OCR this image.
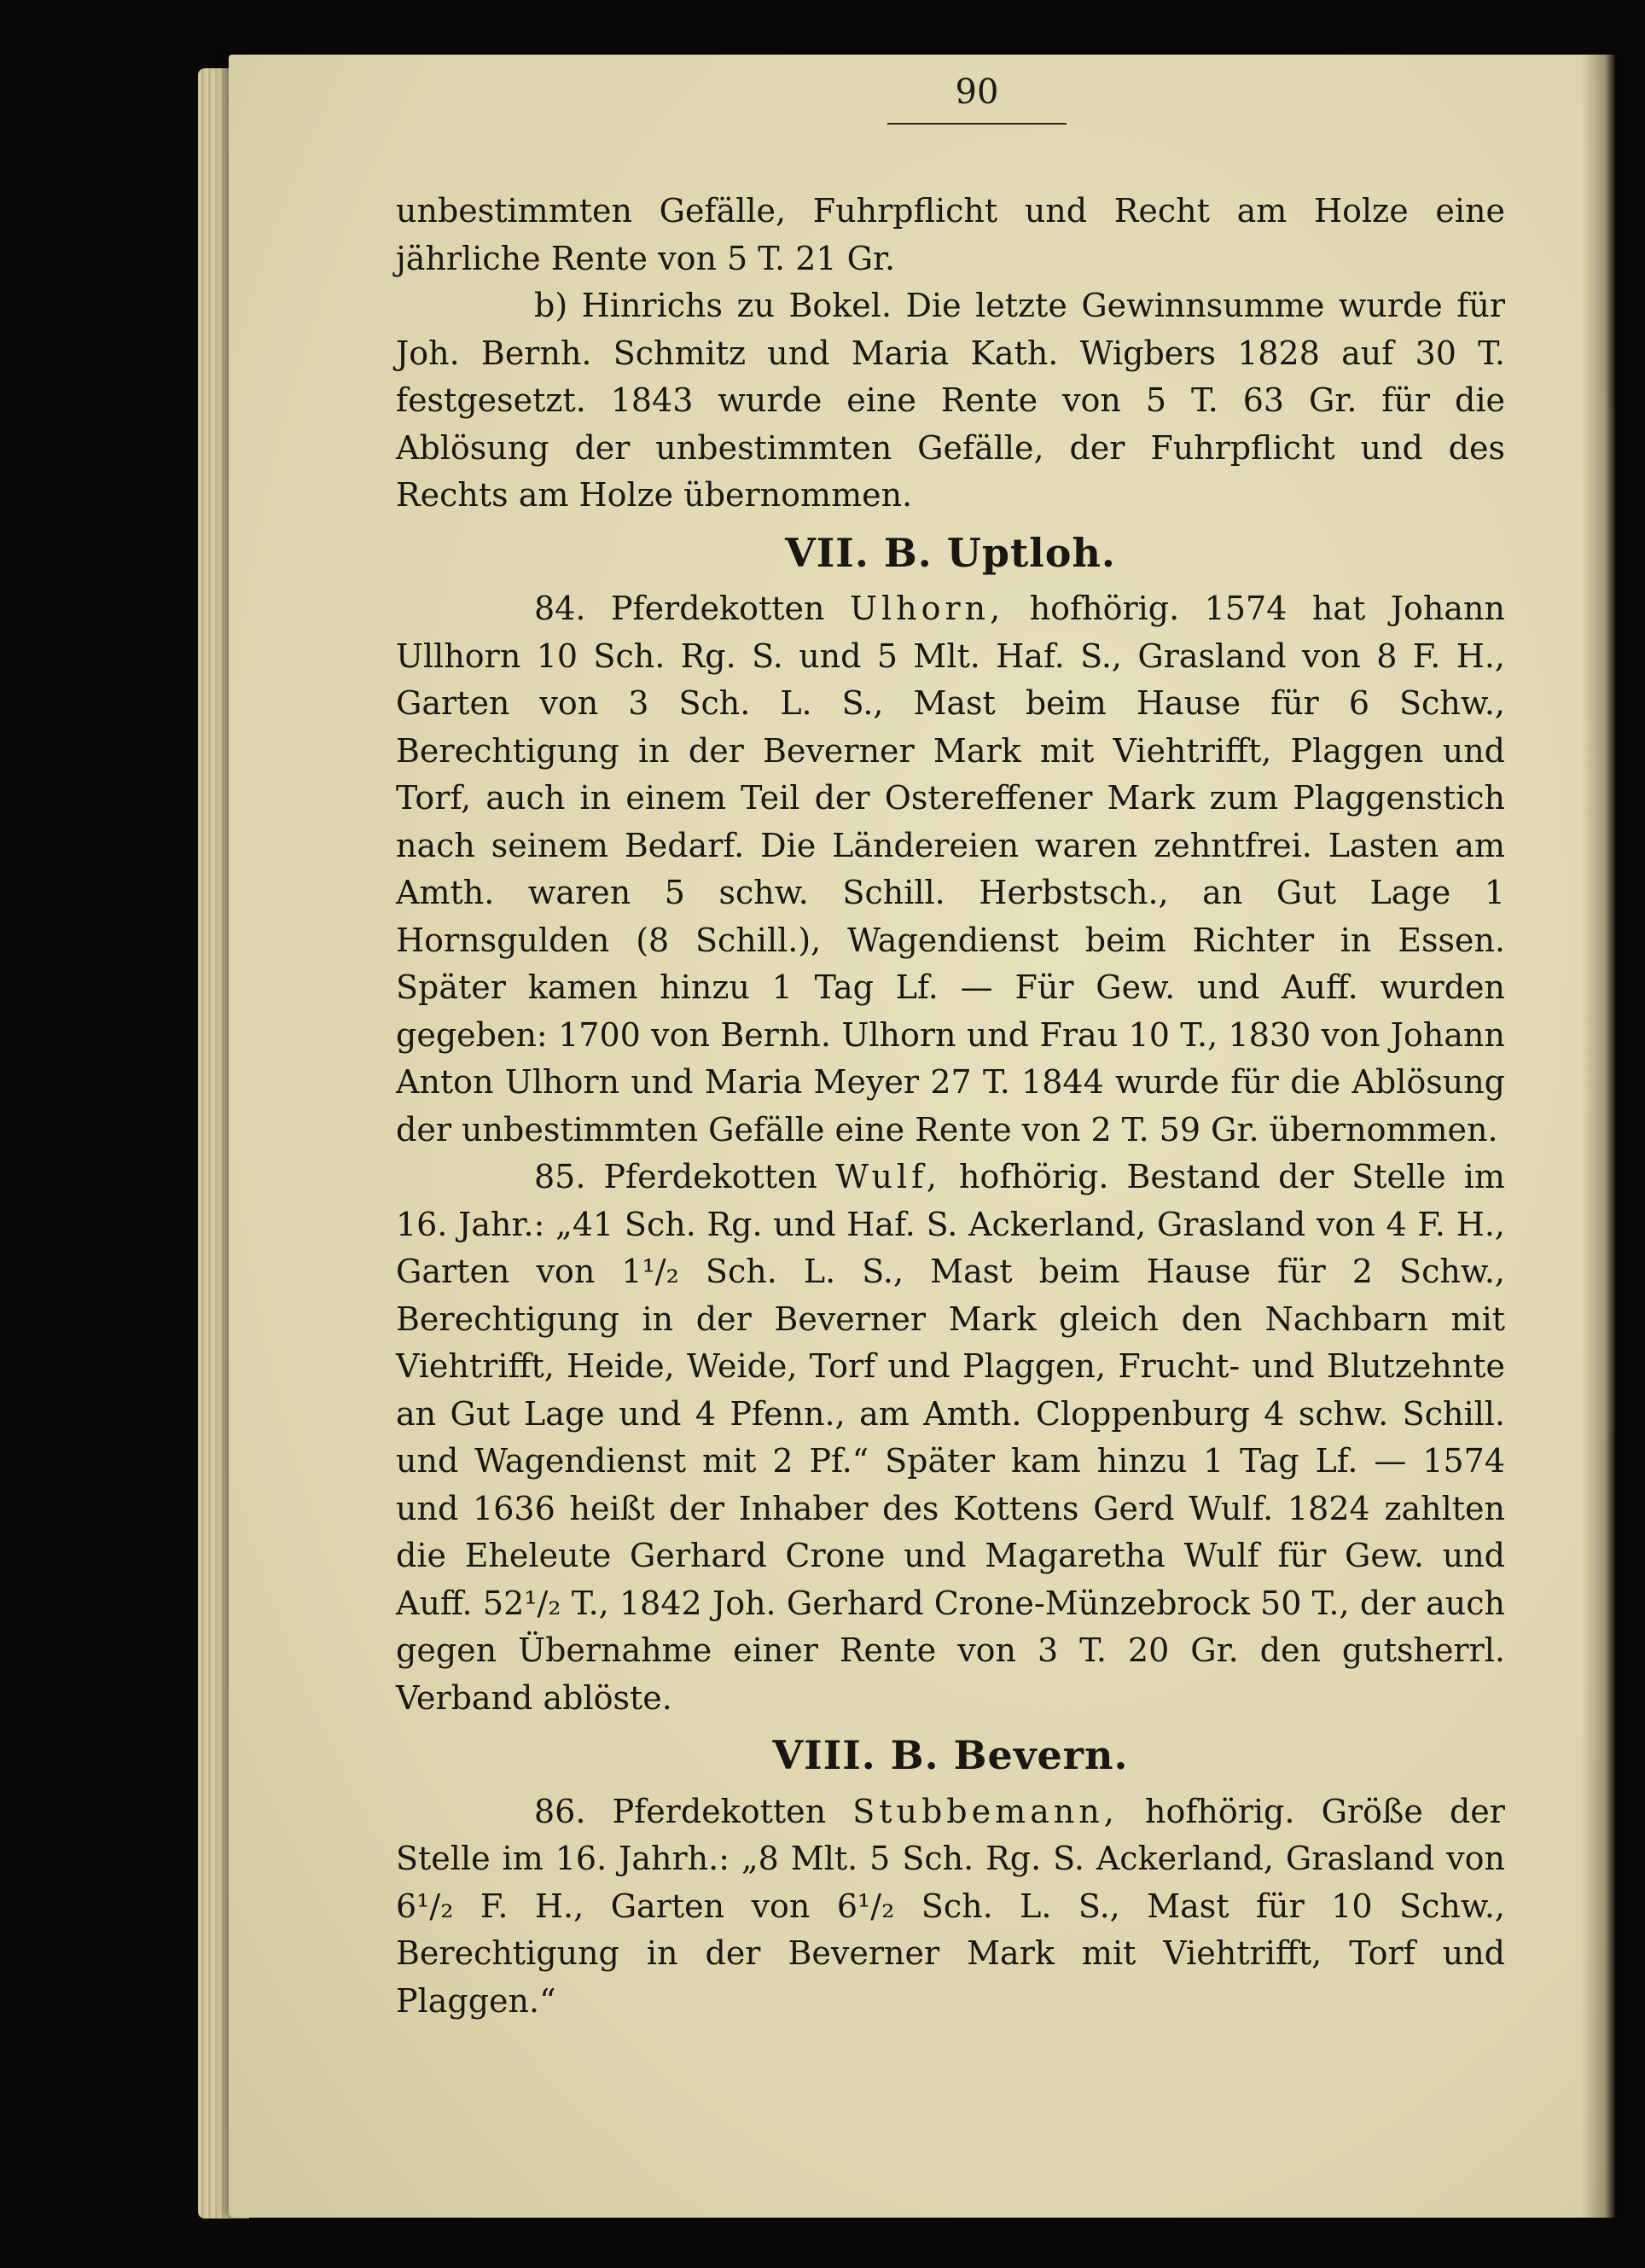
90

unbestimmten Gefälle, Fuhrpflicht und Recht am Holze eine jährliche Rente von 5 T. 21 Gr.

b) Hinrichs zu Bokel. Die letzte Gewinnsumme wurde für Joh. Bernh. Schmitz und Maria Kath. Wigbers 1828 auf 30 T. festgesetzt. 1843 wurde eine Rente von 5 T. 63 Gr. für die Ablösung der unbestimmten Gefälle, der Fuhrpflicht und des Rechts am Holze übernommen.

VII. B. Uptloh.

84. Pferdekotten Ulhorn, hofhörig. 1574 hat Johann Ullhorn 10 Sch. Rg. S. und 5 Mlt. Haf. S., Grasland von 8 F. H., Garten von 3 Sch. L. S., Mast beim Hause für 6 Schw., Berechtigung in der Beverner Mark mit Viehtrifft, Plaggen und Torf, auch in einem Teil der Ostereffener Mark zum Plaggenstich nach seinem Bedarf. Die Ländereien waren zehntfrei. Lasten am Amth. waren 5 schw. Schill. Herbstsch., an Gut Lage 1 Hornsgulden (8 Schill.), Wagendienst beim Richter in Essen. Später kamen hinzu 1 Tag Lf. — Für Gew. und Auff. wurden gegeben: 1700 von Bernh. Ulhorn und Frau 10 T., 1830 von Johann Anton Ulhorn und Maria Meyer 27 T. 1844 wurde für die Ablösung der unbestimmten Gefälle eine Rente von 2 T. 59 Gr. übernommen.

85. Pferdekotten Wulf, hofhörig. Bestand der Stelle im 16. Jahr.: „41 Sch. Rg. und Haf. S. Ackerland, Grasland von 4 F. H., Garten von 1¹/₂ Sch. L. S., Mast beim Hause für 2 Schw., Berechtigung in der Beverner Mark gleich den Nachbarn mit Viehtrifft, Heide, Weide, Torf und Plaggen, Frucht- und Blutzehnte an Gut Lage und 4 Pfenn., am Amth. Cloppenburg 4 schw. Schill. und Wagendienst mit 2 Pf.“ Später kam hinzu 1 Tag Lf. — 1574 und 1636 heißt der Inhaber des Kottens Gerd Wulf. 1824 zahlten die Eheleute Gerhard Crone und Magaretha Wulf für Gew. und Auff. 52¹/₂ T., 1842 Joh. Gerhard Crone-Münzebrock 50 T., der auch gegen Übernahme einer Rente von 3 T. 20 Gr. den gutsherrl. Verband ablöste.

VIII. B. Bevern.

86. Pferdekotten Stubbemann, hofhörig. Größe der Stelle im 16. Jahrh.: „8 Mlt. 5 Sch. Rg. S. Ackerland, Grasland von 6¹/₂ F. H., Garten von 6¹/₂ Sch. L. S., Mast für 10 Schw., Berechtigung in der Beverner Mark mit Viehtrifft, Torf und Plaggen.“
